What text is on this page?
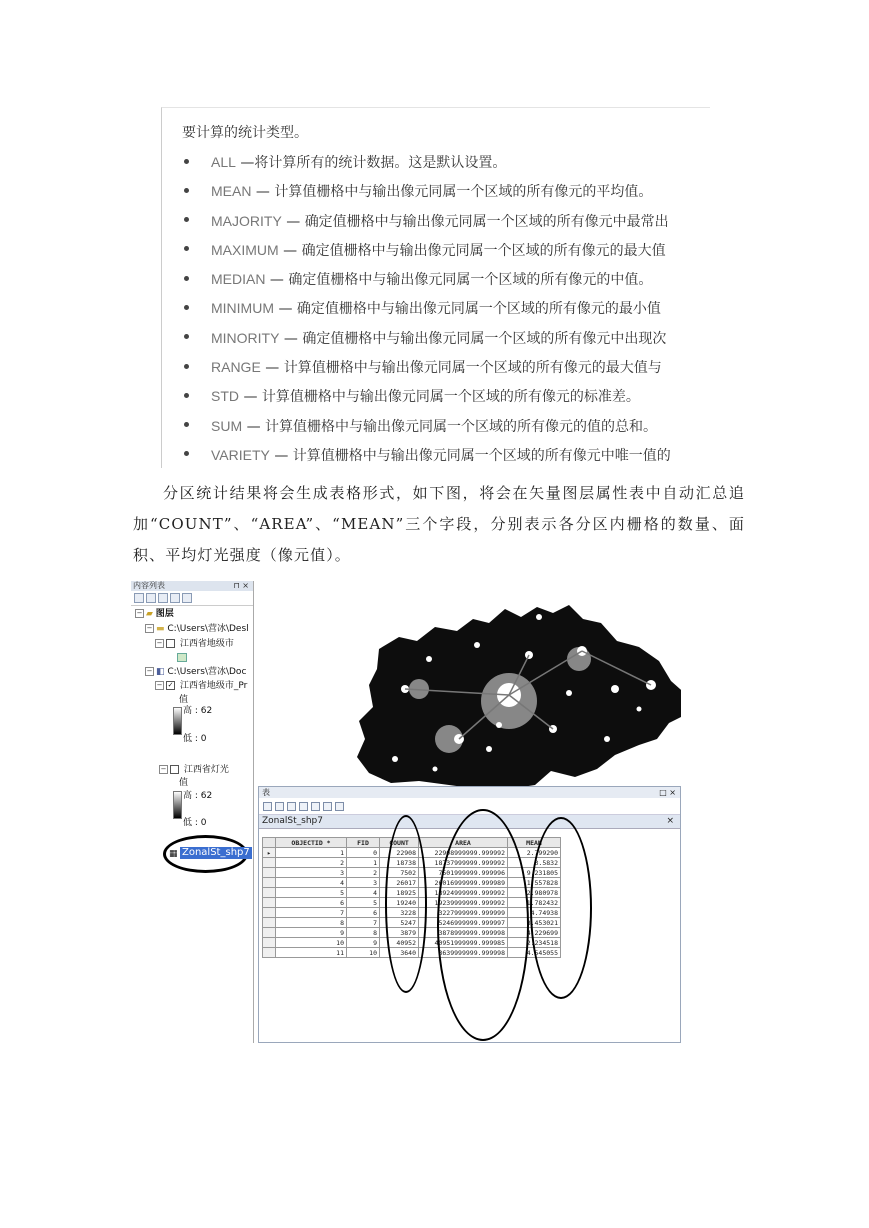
要计算的统计类型。
ALL —将计算所有的统计数据。这是默认设置。
MEAN — 计算值栅格中与输出像元同属一个区域的所有像元的平均值。
MAJORITY — 确定值栅格中与输出像元同属一个区域的所有像元中最常出
MAXIMUM — 确定值栅格中与输出像元同属一个区域的所有像元的最大值
MEDIAN — 确定值栅格中与输出像元同属一个区域的所有像元的中值。
MINIMUM — 确定值栅格中与输出像元同属一个区域的所有像元的最小值
MINORITY — 确定值栅格中与输出像元同属一个区域的所有像元中出现次
RANGE — 计算值栅格中与输出像元同属一个区域的所有像元的最大值与
STD — 计算值栅格中与输出像元同属一个区域的所有像元的标准差。
SUM — 计算值栅格中与输出像元同属一个区域的所有像元的值的总和。
VARIETY — 计算值栅格中与输出像元同属一个区域的所有像元中唯一值的

分区统计结果将会生成表格形式，如下图，将会在矢量图层属性表中自动汇总追加“COUNT”、“AREA”、“MEAN”三个字段，分别表示各分区内栅格的数量、面积、平均灯光强度（像元值）。

内容列表	⊓ ×
− ▰ 图层
− ▬ C:\Users\营冰\Desl
− 江西省地级市
− ◧ C:\Users\营冰\Doc
− ✓ 江西省地级市_Pr
值
高 : 62
低 : 0
− 江西省灯光
值
高 : 62
低 : 0
▦ ZonalSt_shp7
表	□ ×
ZonalSt_shp7	×
	OBJECTID *	FID	COUNT	AREA	MEAN
▸	1	0	22908	22908999999.999992	2.799290
	2	1	18738	18737999999.999992	3.5832
	3	2	7502	7501999999.999996	9.231805
	4	3	26017	26016999999.999989	1.557828
	5	4	18925	18924999999.999992	2.980978
	6	5	19240	19239999999.999992	1.782432
	7	6	3228	3227999999.999999	4.74938
	8	7	5247	5246999999.999997	3.453021
	9	8	3879	3878999999.999998	4.229699
	10	9	40952	40951999999.999985	2.234518
	11	10	3640	3639999999.999998	4.545055
